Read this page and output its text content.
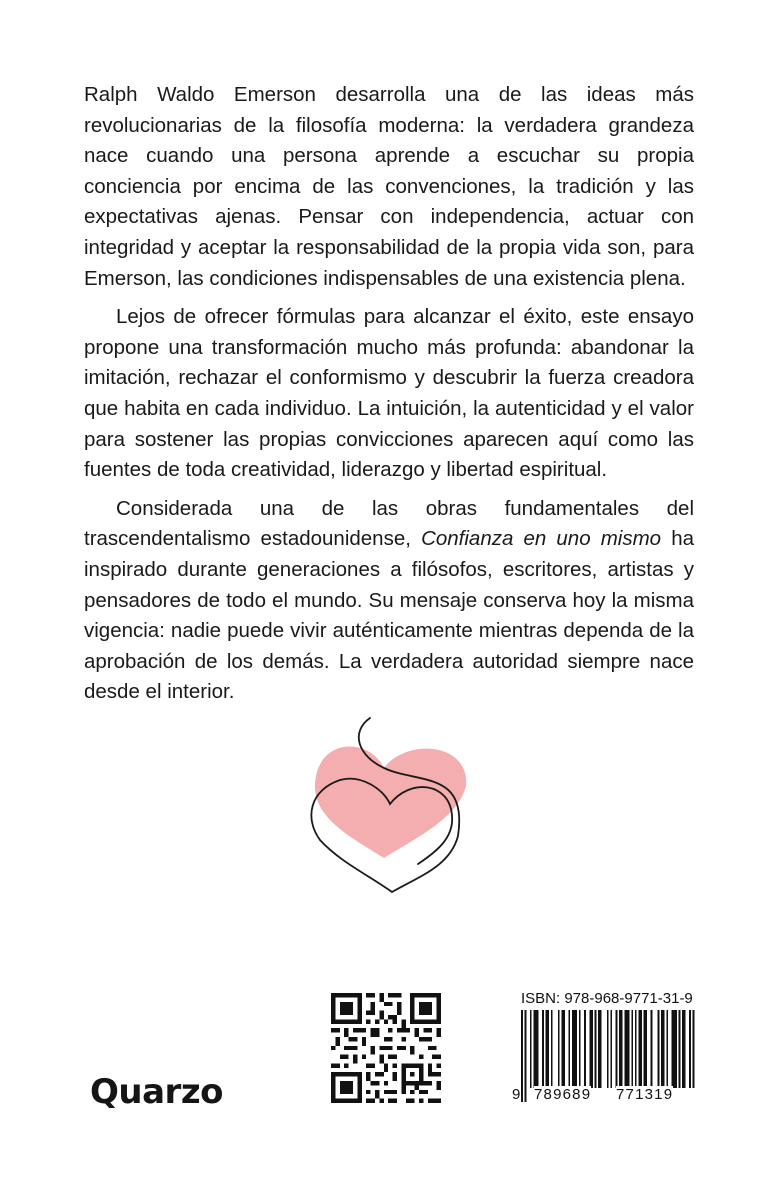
Ralph Waldo Emerson desarrolla una de las ideas más revolucionarias de la filosofía moderna: la verdadera grandeza nace cuando una persona aprende a escuchar su propia conciencia por encima de las convenciones, la tradición y las expectativas ajenas. Pensar con independencia, actuar con integridad y aceptar la responsabilidad de la propia vida son, para Emerson, las condiciones indispensables de una existencia plena.

Lejos de ofrecer fórmulas para alcanzar el éxito, este ensayo propone una transformación mucho más profunda: abandonar la imitación, rechazar el conformismo y descubrir la fuerza creadora que habita en cada individuo. La intuición, la autenticidad y el valor para sostener las propias convicciones aparecen aquí como las fuentes de toda creatividad, liderazgo y libertad espiritual.

Considerada una de las obras fundamentales del trascendentalismo estadounidense, Confianza en uno mismo ha inspirado durante generaciones a filósofos, escritores, artistas y pensadores de todo el mundo. Su mensaje conserva hoy la misma vigencia: nadie puede vivir auténticamente mientras dependa de la aprobación de los demás. La verdadera autoridad siempre nace desde el interior.

Quarzo
ISBN: 978-968-9771-31-9
9 789689 771319
